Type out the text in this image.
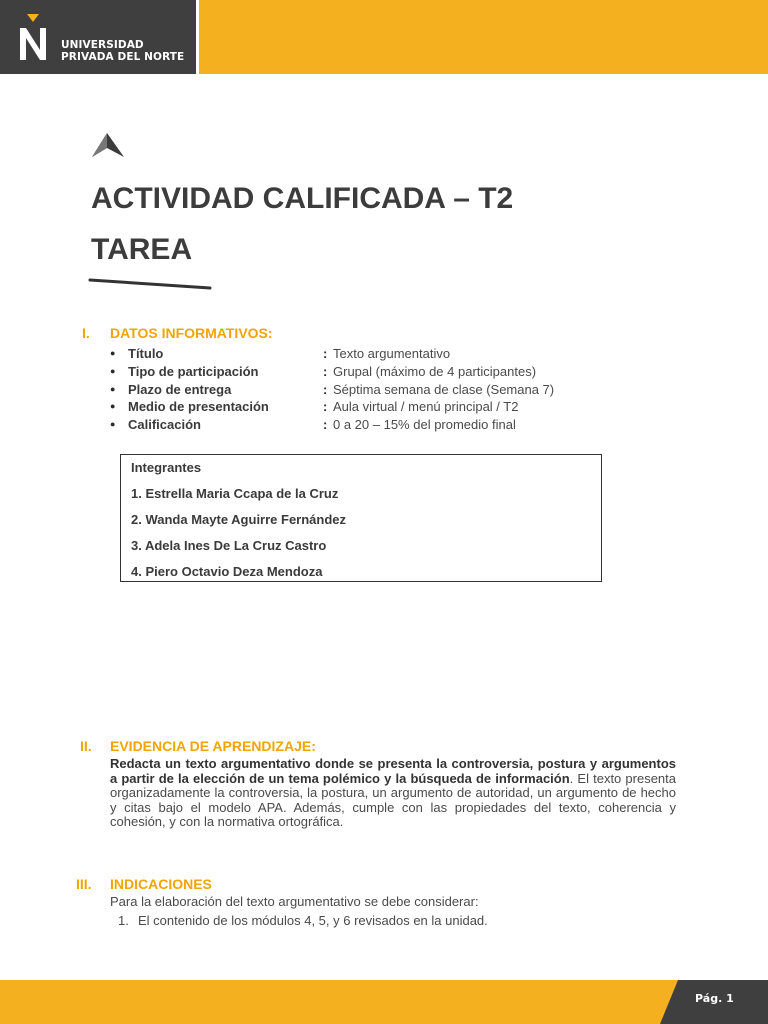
UNIVERSIDAD
PRIVADA DEL NORTE
ACTIVIDAD CALIFICADA – T2
TAREA
I. DATOS INFORMATIVOS:
● Título	: Texto argumentativo
● Tipo de participación	: Grupal (máximo de 4 participantes)
● Plazo de entrega	: Séptima semana de clase (Semana 7)
● Medio de presentación	: Aula virtual / menú principal / T2
● Calificación	: 0 a 20 – 15% del promedio final
Integrantes
1. Estrella Maria Ccapa de la Cruz
2. Wanda Mayte Aguirre Fernández
3. Adela Ines De La Cruz Castro
4. Piero Octavio Deza Mendoza
II. EVIDENCIA DE APRENDIZAJE:

Redacta un texto argumentativo donde se presenta la controversia, postura y argumentos a partir de la elección de un tema polémico y la búsqueda de información. El texto presenta organizadamente la controversia, la postura, un argumento de autoridad, un argumento de hecho y citas bajo el modelo APA. Además, cumple con las propiedades del texto, coherencia y cohesión, y con la normativa ortográfica.

III. INDICACIONES
Para la elaboración del texto argumentativo se debe considerar:
1. El contenido de los módulos 4, 5, y 6 revisados en la unidad.
Pág. 1
